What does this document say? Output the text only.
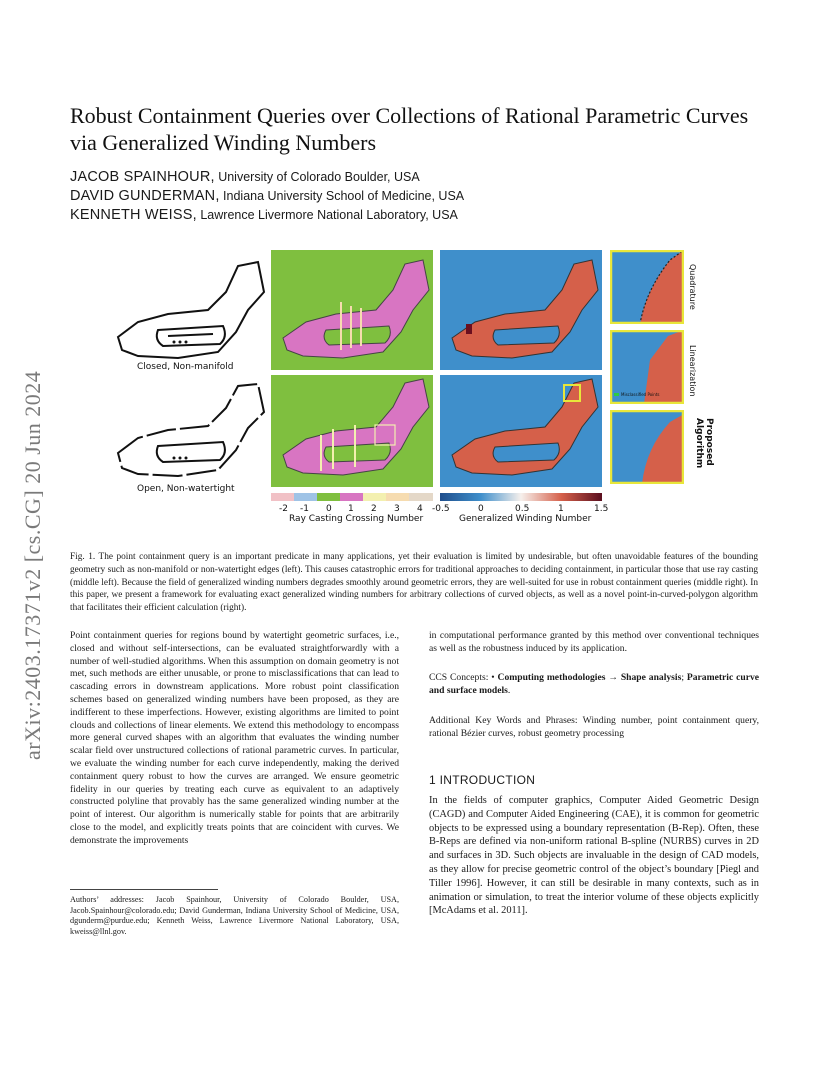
arXiv:2403.17371v2 [cs.CG] 20 Jun 2024
Robust Containment Queries over Collections of Rational Parametric Curves via Generalized Winding Numbers
JACOB SPAINHOUR, University of Colorado Boulder, USA
DAVID GUNDERMAN, Indiana University School of Medicine, USA
KENNETH WEISS, Lawrence Livermore National Laboratory, USA
Closed, Non-manifold
Open, Non-watertight
Misclassified Points
Quadrature
Linearization
Proposed Algorithm
-2 -1 0 1 2 3 4
Ray Casting Crossing Number
-0.5	0	0.5	1	1.5
Generalized Winding Number
Fig. 1. The point containment query is an important predicate in many applications, yet their evaluation is limited by undesirable, but often unavoidable features of the bounding geometry such as non-manifold or non-watertight edges (left). This causes catastrophic errors for traditional approaches to deciding containment, in particular those that use ray casting (middle left). Because the field of generalized winding numbers degrades smoothly around geometric errors, they are well-suited for use in robust containment queries (middle right). In this paper, we present a framework for evaluating exact generalized winding numbers for arbitrary collections of curved objects, as well as a novel point-in-curved-polygon algorithm that facilitates their efficient calculation (right).
Point containment queries for regions bound by watertight geometric surfaces, i.e., closed and without self-intersections, can be evaluated straightforwardly with a number of well-studied algorithms. When this assumption on domain geometry is not met, such methods are either unusable, or prone to misclassifications that can lead to cascading errors in downstream applications. More robust point classification schemes based on generalized winding numbers have been proposed, as they are indifferent to these imperfections. However, existing algorithms are limited to point clouds and collections of linear elements. We extend this methodology to encompass more general curved shapes with an algorithm that evaluates the winding number scalar field over unstructured collections of rational parametric curves. In particular, we evaluate the winding number for each curve independently, making the derived containment query robust to how the curves are arranged. We ensure geometric fidelity in our queries by treating each curve as equivalent to an adaptively constructed polyline that provably has the same generalized winding number at the point of interest. Our algorithm is numerically stable for points that are arbitrarily close to the model, and explicitly treats points that are coincident with curves. We demonstrate the improvements
in computational performance granted by this method over conventional techniques as well as the robustness induced by its application.
CCS Concepts: • Computing methodologies → Shape analysis; Parametric curve and surface models.
Additional Key Words and Phrases: Winding number, point containment query, rational Bézier curves, robust geometry processing
1 INTRODUCTION
In the fields of computer graphics, Computer Aided Geometric Design (CAGD) and Computer Aided Engineering (CAE), it is common for geometric objects to be expressed using a boundary representation (B-Rep). Often, these B-Reps are defined via non-uniform rational B-spline (NURBS) curves in 2D and surfaces in 3D. Such objects are invaluable in the design of CAD models, as they allow for precise geometric control of the object’s boundary [Piegl and Tiller 1996]. However, it can still be desirable in many contexts, such as in animation or simulation, to treat the interior volume of these objects explicitly [McAdams et al. 2011].
Authors’ addresses: Jacob Spainhour, University of Colorado Boulder, USA, Jacob.Spainhour@colorado.edu; David Gunderman, Indiana University School of Medicine, USA, dgunderm@purdue.edu; Kenneth Weiss, Lawrence Livermore National Laboratory, USA, kweiss@llnl.gov.
